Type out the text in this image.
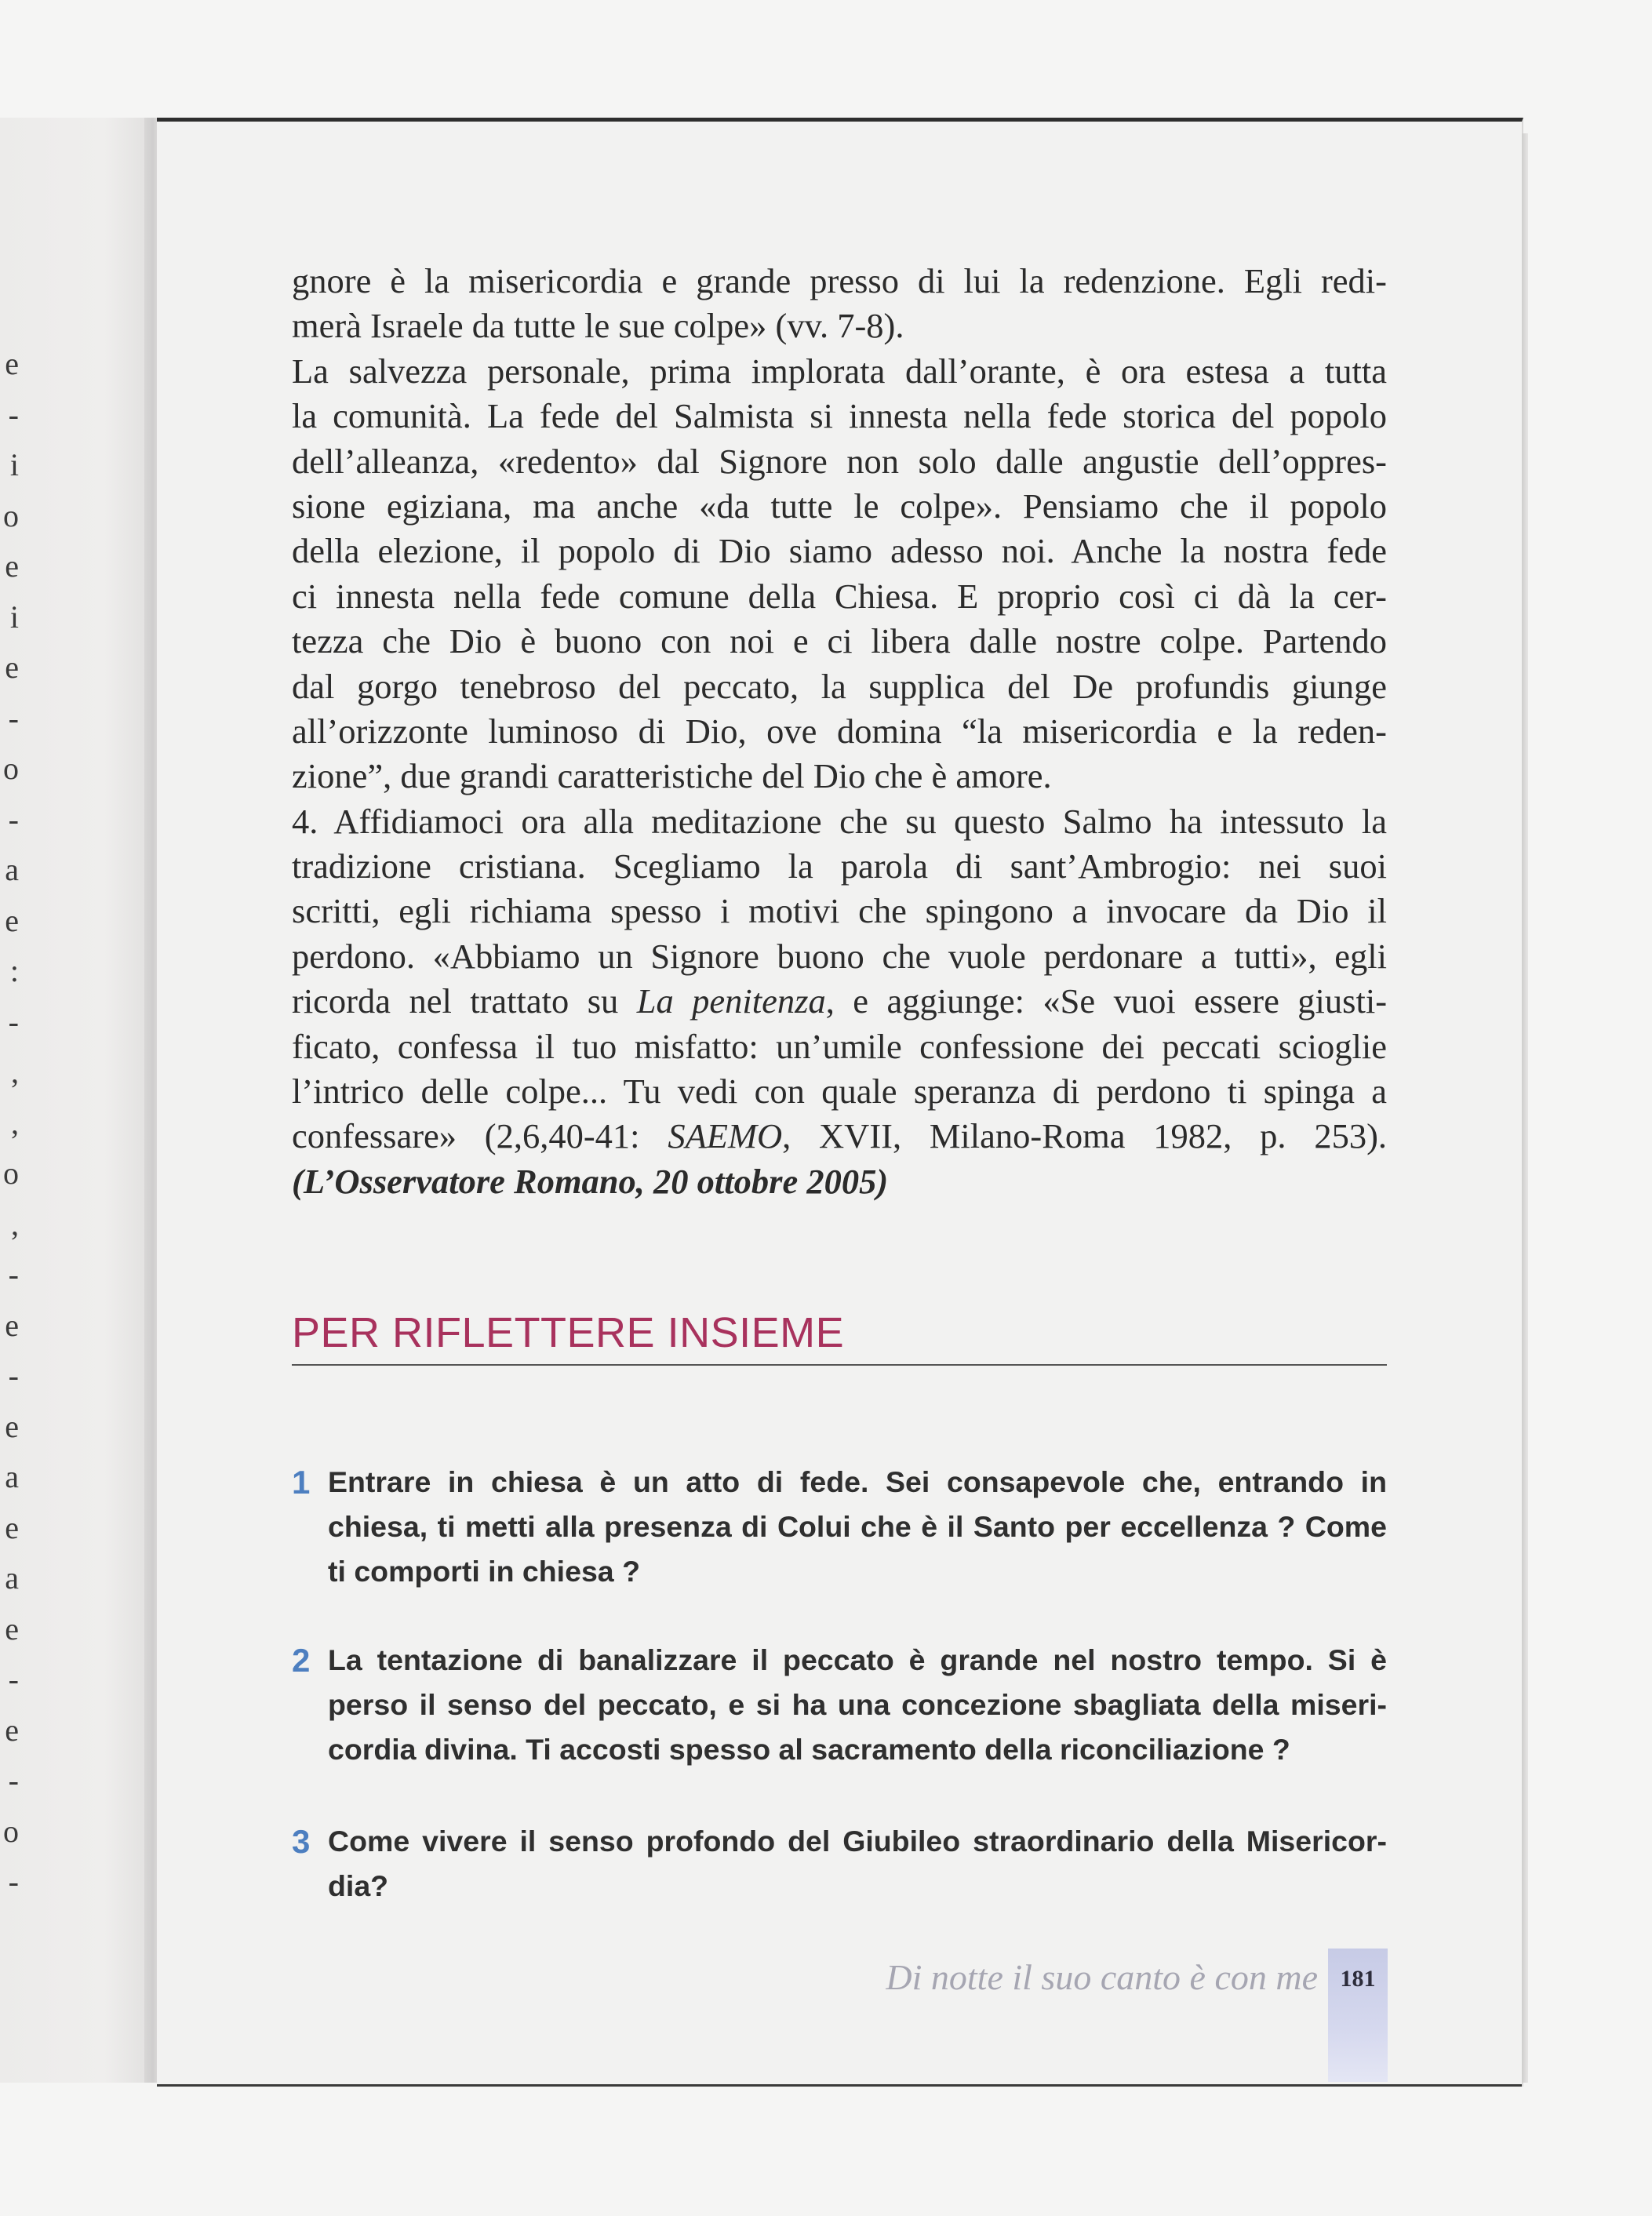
e
-
i
o
e
i
e
-
o
-
a
e
:
-
,
,
o
,
-
e
-
e
a
e
a
e
-
e
-
o
-
gnore è la misericordia e grande presso di lui la redenzione. Egli redi-
merà Israele da tutte le sue colpe» (vv. 7-8).
La salvezza personale, prima implorata dall’orante, è ora estesa a tutta
la comunità. La fede del Salmista si innesta nella fede storica del popolo
dell’alleanza, «redento» dal Signore non solo dalle angustie dell’oppres-
sione egiziana, ma anche «da tutte le colpe». Pensiamo che il popolo
della elezione, il popolo di Dio siamo adesso noi. Anche la nostra fede
ci innesta nella fede comune della Chiesa. E proprio così ci dà la cer-
tezza che Dio è buono con noi e ci libera dalle nostre colpe. Partendo
dal gorgo tenebroso del peccato, la supplica del De profundis giunge
all’orizzonte luminoso di Dio, ove domina “la misericordia e la reden-
zione”, due grandi caratteristiche del Dio che è amore.
4. Affidiamoci ora alla meditazione che su questo Salmo ha intessuto la
tradizione cristiana. Scegliamo la parola di sant’Ambrogio: nei suoi
scritti, egli richiama spesso i motivi che spingono a invocare da Dio il
perdono. «Abbiamo un Signore buono che vuole perdonare a tutti», egli
ricorda nel trattato su La penitenza, e aggiunge: «Se vuoi essere giusti-
ficato, confessa il tuo misfatto: un’umile confessione dei peccati scioglie
l’intrico delle colpe... Tu vedi con quale speranza di perdono ti spinga a
confessare» (2,6,40-41: SAEMO, XVII, Milano-Roma 1982, p. 253).
(L’Osservatore Romano, 20 ottobre 2005)
PER RIFLETTERE INSIEME
1 Entrare in chiesa è un atto di fede. Sei consapevole che, entrando in
chiesa, ti metti alla presenza di Colui che è il Santo per eccellenza ? Come
ti comporti in chiesa ?
2 La tentazione di banalizzare il peccato è grande nel nostro tempo. Si è
perso il senso del peccato, e si ha una concezione sbagliata della miseri-
cordia divina. Ti accosti spesso al sacramento della riconciliazione ?
3 Come vivere il senso profondo del Giubileo straordinario della Misericor-
dia?
Di notte il suo canto è con me 181
